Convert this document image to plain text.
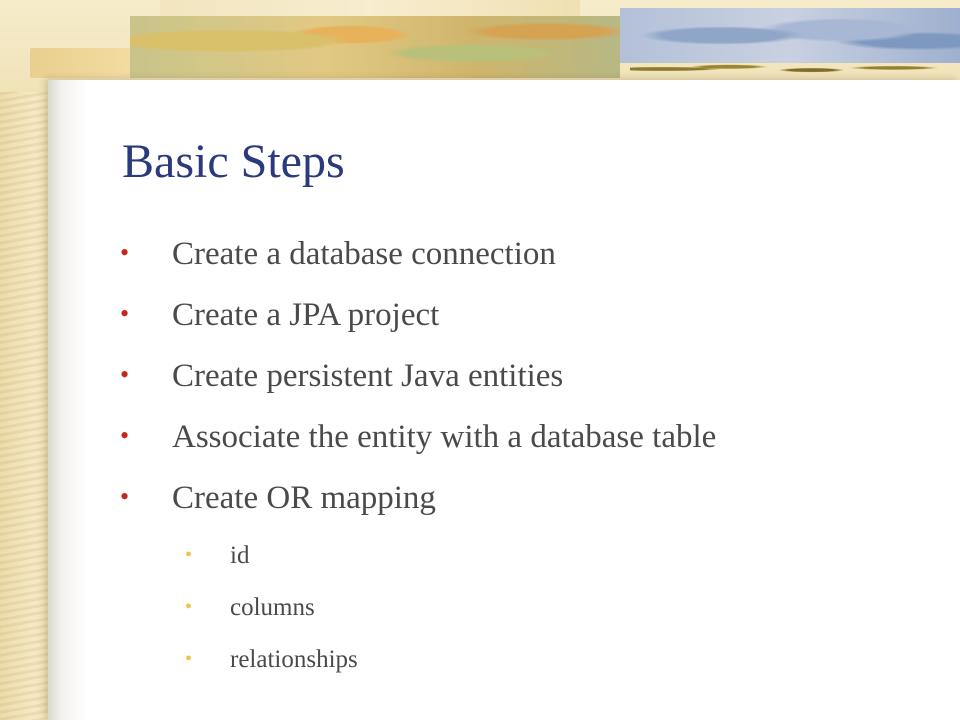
Basic Steps
• Create a database connection
• Create a JPA project
• Create persistent Java entities
• Associate the entity with a database table
• Create OR mapping
• id
• columns
• relationships
